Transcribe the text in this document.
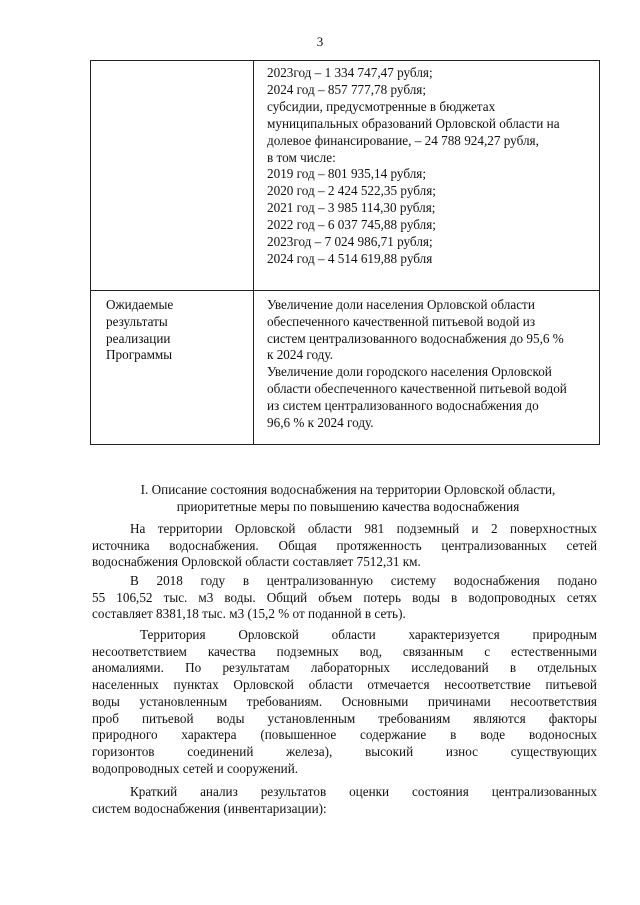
3
2023год – 1 334 747,47 рубля;
2024 год – 857 777,78 рубля;
субсидии, предусмотренные в бюджетах
муниципальных образований Орловской области на
долевое финансирование, – 24 788 924,27 рубля,
в том числе:
2019 год – 801 935,14 рубля;
2020 год – 2 424 522,35 рубля;
2021 год – 3 985 114,30 рубля;
2022 год – 6 037 745,88 рубля;
2023год – 7 024 986,71 рубля;
2024 год – 4 514 619,88 рубля
Ожидаемые
результаты
реализации
Программы
Увеличение доли населения Орловской области
обеспеченного качественной питьевой водой из
систем централизованного водоснабжения до 95,6 %
к 2024 году.
Увеличение доли городского населения Орловской
области обеспеченного качественной питьевой водой
из систем централизованного водоснабжения до
96,6 % к 2024 году.
I. Описание состояния водоснабжения на территории Орловской области,
приоритетные меры по повышению качества водоснабжения
На территории Орловской области 981 подземный и 2 поверхностных
источника водоснабжения. Общая протяженность централизованных сетей
водоснабжения Орловской области составляет 7512,31 км.
В 2018 году в централизованную систему водоснабжения подано
55 106,52 тыс. м3 воды. Общий объем потерь воды в водопроводных сетях
составляет 8381,18 тыс. м3 (15,2 % от поданной в сеть).
Территория Орловской области характеризуется природным
несоответствием качества подземных вод, связанным с естественными
аномалиями. По результатам лабораторных исследований в отдельных
населенных пунктах Орловской области отмечается несоответствие питьевой
воды установленным требованиям. Основными причинами несоответствия
проб питьевой воды установленным требованиям являются факторы
природного характера (повышенное содержание в воде водоносных
горизонтов соединений железа), высокий износ существующих
водопроводных сетей и сооружений.
Краткий анализ результатов оценки состояния централизованных
систем водоснабжения (инвентаризации):
